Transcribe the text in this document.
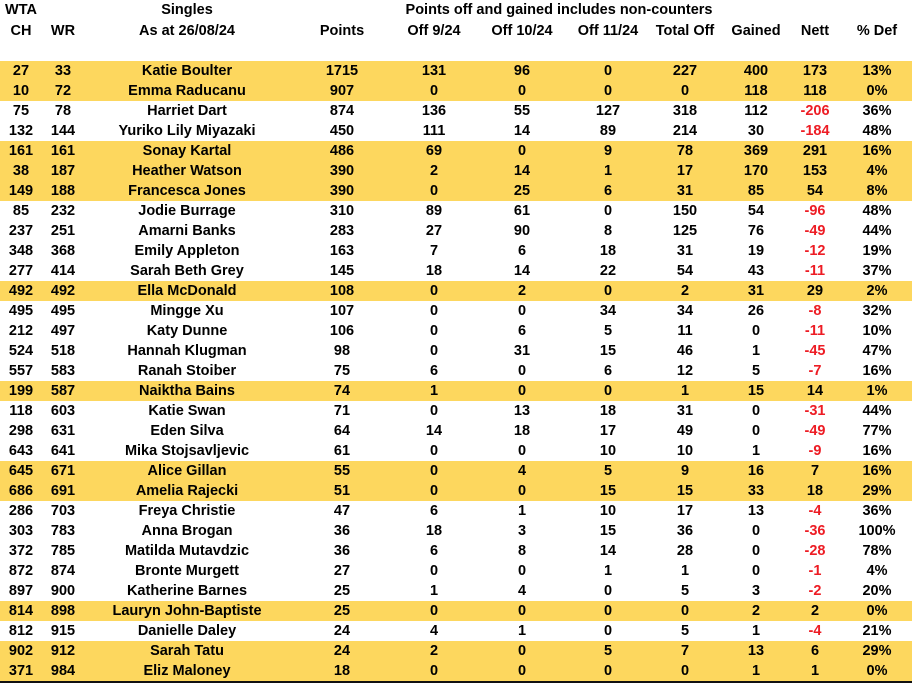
WTA		Singles		Points off and gained includes non-counters						
CH	WR	As at 26/08/24	Points	Off 9/24	Off 10/24	Off 11/24	Total Off	Gained	Nett	% Def

27	33	Katie Boulter	1715	131	96	0	227	400	173	13%
10	72	Emma Raducanu	907	0	0	0	0	118	118	0%
75	78	Harriet Dart	874	136	55	127	318	112	-206	36%
132	144	Yuriko Lily Miyazaki	450	111	14	89	214	30	-184	48%
161	161	Sonay Kartal	486	69	0	9	78	369	291	16%
38	187	Heather Watson	390	2	14	1	17	170	153	4%
149	188	Francesca Jones	390	0	25	6	31	85	54	8%
85	232	Jodie Burrage	310	89	61	0	150	54	-96	48%
237	251	Amarni Banks	283	27	90	8	125	76	-49	44%
348	368	Emily Appleton	163	7	6	18	31	19	-12	19%
277	414	Sarah Beth Grey	145	18	14	22	54	43	-11	37%
492	492	Ella McDonald	108	0	2	0	2	31	29	2%
495	495	Mingge Xu	107	0	0	34	34	26	-8	32%
212	497	Katy Dunne	106	0	6	5	11	0	-11	10%
524	518	Hannah Klugman	98	0	31	15	46	1	-45	47%
557	583	Ranah Stoiber	75	6	0	6	12	5	-7	16%
199	587	Naiktha Bains	74	1	0	0	1	15	14	1%
118	603	Katie Swan	71	0	13	18	31	0	-31	44%
298	631	Eden Silva	64	14	18	17	49	0	-49	77%
643	641	Mika Stojsavljevic	61	0	0	10	10	1	-9	16%
645	671	Alice Gillan	55	0	4	5	9	16	7	16%
686	691	Amelia Rajecki	51	0	0	15	15	33	18	29%
286	703	Freya Christie	47	6	1	10	17	13	-4	36%
303	783	Anna Brogan	36	18	3	15	36	0	-36	100%
372	785	Matilda Mutavdzic	36	6	8	14	28	0	-28	78%
872	874	Bronte Murgett	27	0	0	1	1	0	-1	4%
897	900	Katherine Barnes	25	1	4	0	5	3	-2	20%
814	898	Lauryn John-Baptiste	25	0	0	0	0	2	2	0%
812	915	Danielle Daley	24	4	1	0	5	1	-4	21%
902	912	Sarah Tatu	24	2	0	5	7	13	6	29%
371	984	Eliz Maloney	18	0	0	0	0	1	1	0%
